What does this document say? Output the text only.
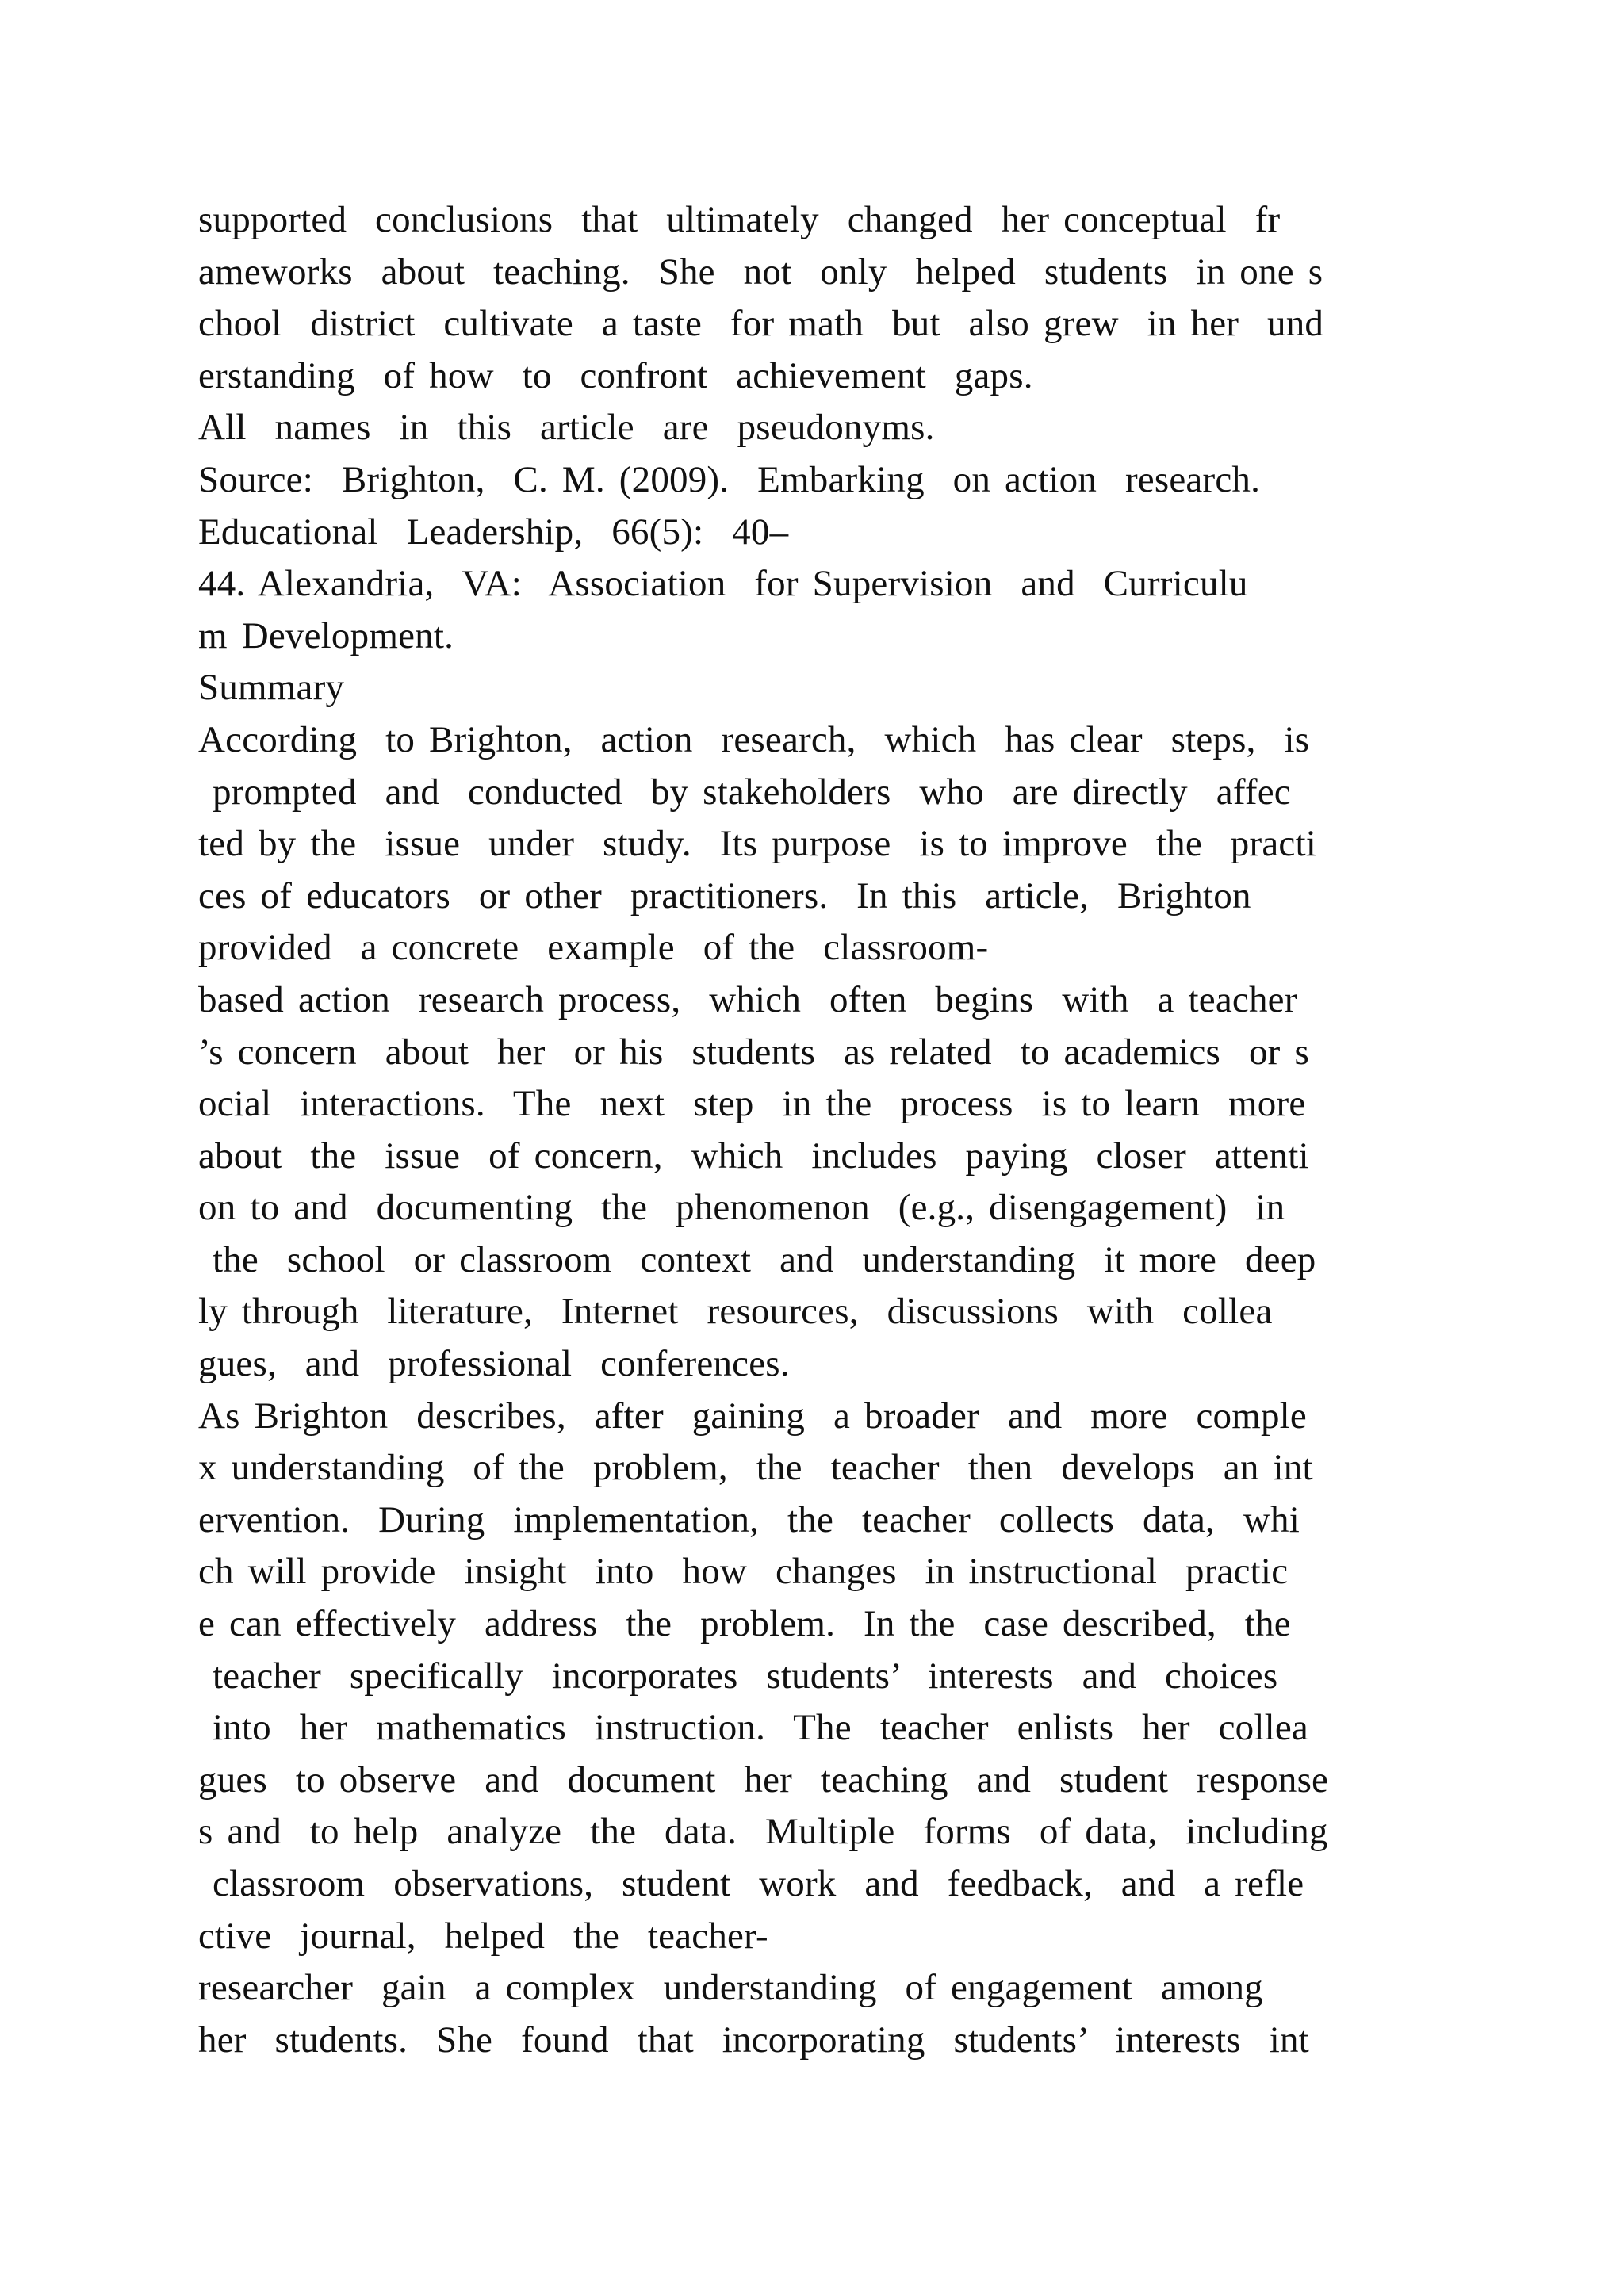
supported  conclusions  that  ultimately  changed  her conceptual  fr
ameworks  about  teaching.  She  not  only  helped  students  in one s
chool  district  cultivate  a taste  for math  but  also grew  in her  und
erstanding  of how  to  confront  achievement  gaps.
All  names  in  this  article  are  pseudonyms.
Source:  Brighton,  C. M. (2009).  Embarking  on action  research.
Educational  Leadership,  66(5):  40–
44. Alexandria,  VA:  Association  for Supervision  and  Curriculu
m Development.
Summary
According  to Brighton,  action  research,  which  has clear  steps,  is
prompted  and  conducted  by stakeholders  who  are directly  affec
ted by the  issue  under  study.  Its purpose  is to improve  the  practi
ces of educators  or other  practitioners.  In this  article,  Brighton
provided  a concrete  example  of the  classroom-
based action  research process,  which  often  begins  with  a teacher
’s concern  about  her  or his  students  as related  to academics  or s
ocial  interactions.  The  next  step  in the  process  is to learn  more
about  the  issue  of concern,  which  includes  paying  closer  attenti
on to and  documenting  the  phenomenon  (e.g., disengagement)  in
the  school  or classroom  context  and  understanding  it more  deep
ly through  literature,  Internet  resources,  discussions  with  collea
gues,  and  professional  conferences.
As Brighton  describes,  after  gaining  a broader  and  more  comple
x understanding  of the  problem,  the  teacher  then  develops  an int
ervention.  During  implementation,  the  teacher  collects  data,  whi
ch will provide  insight  into  how  changes  in instructional  practic
e can effectively  address  the  problem.  In the  case described,  the
teacher  specifically  incorporates  students’  interests  and  choices
into  her  mathematics  instruction.  The  teacher  enlists  her  collea
gues  to observe  and  document  her  teaching  and  student  response
s and  to help  analyze  the  data.  Multiple  forms  of data,  including
classroom  observations,  student  work  and  feedback,  and  a refle
ctive  journal,  helped  the  teacher-
researcher  gain  a complex  understanding  of engagement  among
her  students.  She  found  that  incorporating  students’  interests  int
